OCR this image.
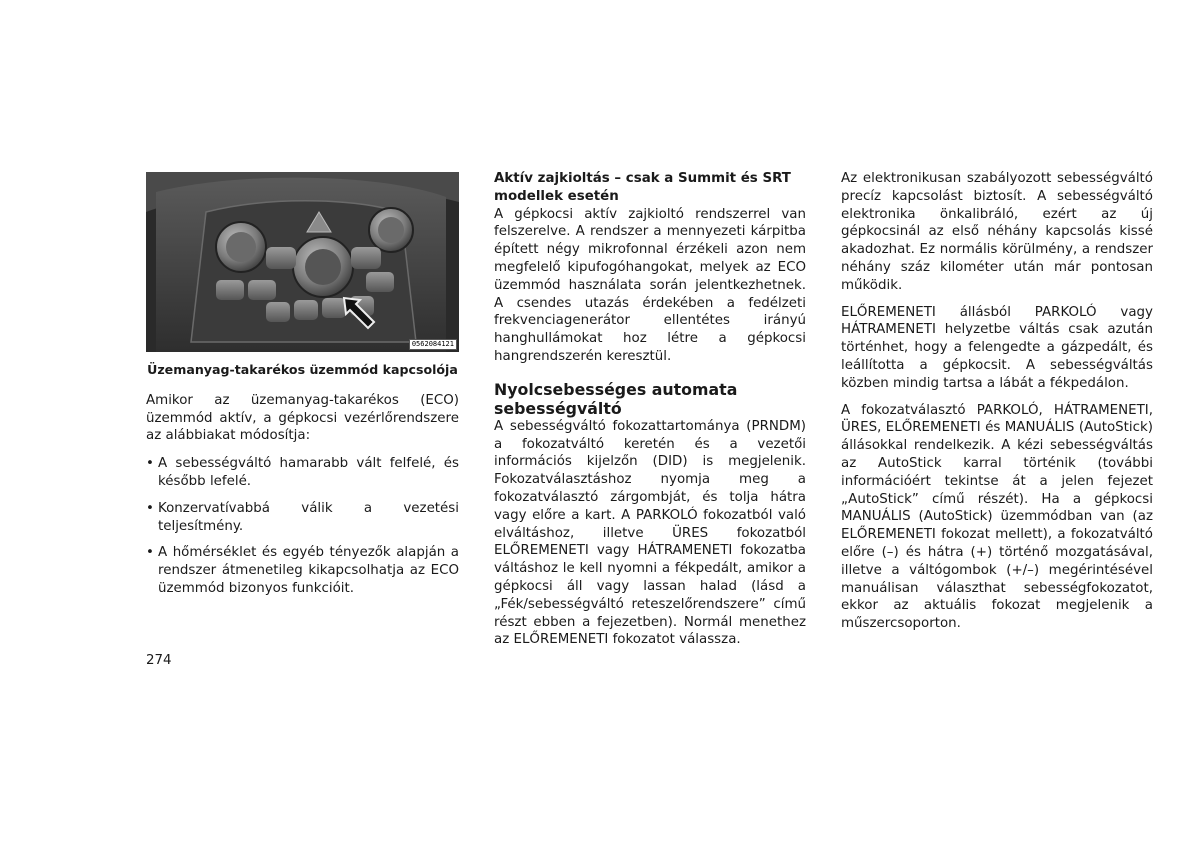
0562084121
Üzemanyag-takarékos üzemmód kapcsolója

Amikor az üzemanyag-takarékos (ECO) üzemmód aktív, a gépkocsi vezérlőrendszere az alábbiakat módosítja:

• A sebességváltó hamarabb vált felfelé, és később lefelé.
• Konzervatívabbá válik a vezetési teljesítmény.
• A hőmérséklet és egyéb tényezők alapján a rendszer átmenetileg kikapcsolhatja az ECO üzemmód bizonyos funkcióit.
Aktív zajkioltás – csak a Summit és SRT modellek esetén

A gépkocsi aktív zajkioltó rendszerrel van felszerelve. A rendszer a mennyezeti kárpitba épített négy mikrofonnal érzékeli azon nem megfelelő kipufogóhangokat, melyek az ECO üzemmód használata során jelentkezhetnek. A csendes utazás érdekében a fedélzeti frekvenciagenerátor ellentétes irányú hanghullámokat hoz létre a gépkocsi hangrendszerén keresztül.

Nyolcsebességes automata sebességváltó

A sebességváltó fokozattartománya (PRNDM) a fokozatváltó keretén és a vezetői információs kijelzőn (DID) is megjelenik. Fokozatválasztáshoz nyomja meg a fokozatválasztó zárgombját, és tolja hátra vagy előre a kart. A PARKOLÓ fokozatból való elváltáshoz, illetve ÜRES fokozatból ELŐREMENETI vagy HÁTRAMENETI fokozatba váltáshoz le kell nyomni a fékpedált, amikor a gépkocsi áll vagy lassan halad (lásd a „Fék/sebességváltó reteszelőrendszere” című részt ebben a fejezetben). Normál menethez az ELŐREMENETI fokozatot válassza.

Az elektronikusan szabályozott sebességváltó precíz kapcsolást biztosít. A sebességváltó elektronika önkalibráló, ezért az új gépkocsinál az első néhány kapcsolás kissé akadozhat. Ez normális körülmény, a rendszer néhány száz kilométer után már pontosan működik.

ELŐREMENETI állásból PARKOLÓ vagy HÁTRAMENETI helyzetbe váltás csak azután történhet, hogy a felengedte a gázpedált, és leállította a gépkocsit. A sebességváltás közben mindig tartsa a lábát a fékpedálon.

A fokozatválasztó PARKOLÓ, HÁTRAMENETI, ÜRES, ELŐREMENETI és MANUÁLIS (AutoStick) állásokkal rendelkezik. A kézi sebességváltás az AutoStick karral történik (további információért tekintse át a jelen fejezet „AutoStick” című részét). Ha a gépkocsi MANUÁLIS (AutoStick) üzemmódban van (az ELŐREMENETI fokozat mellett), a fokozatváltó előre (–) és hátra (+) történő mozgatásával, illetve a váltógombok (+/–) megérintésével manuálisan választhat sebességfokozatot, ekkor az aktuális fokozat megjelenik a műszercsoporton.

274
